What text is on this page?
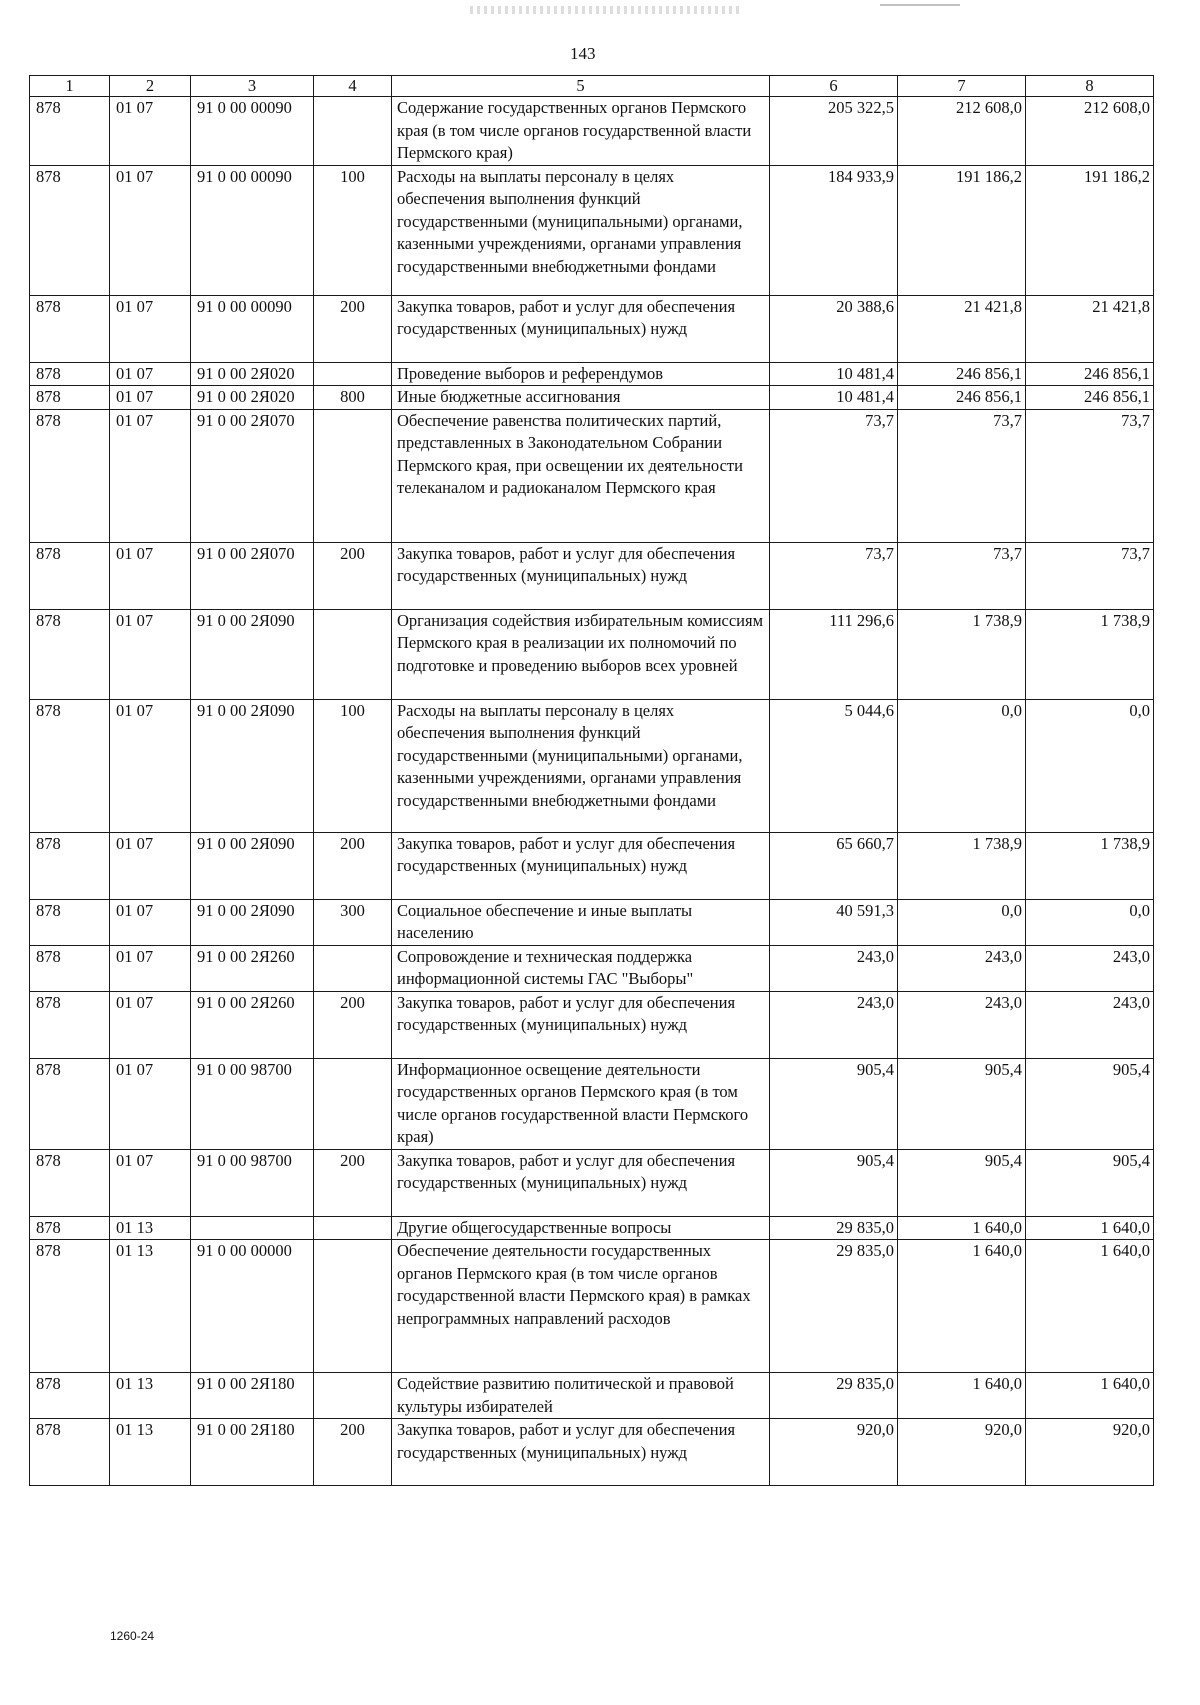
143
1	2	3	4	5	6	7	8
878	01 07	91 0 00 00090		Содержание государственных органов Пермского края (в том числе органов государственной власти Пермского края)	205 322,5	212 608,0	212 608,0
878	01 07	91 0 00 00090	100	Расходы на выплаты персоналу в целях обеспечения выполнения функций государственными (муниципальными) органами, казенными учреждениями, органами управления государственными внебюджетными фондами	184 933,9	191 186,2	191 186,2
878	01 07	91 0 00 00090	200	Закупка товаров, работ и услуг для обеспечения государственных (муниципальных) нужд	20 388,6	21 421,8	21 421,8
878	01 07	91 0 00 2Я020		Проведение выборов и референдумов	10 481,4	246 856,1	246 856,1
878	01 07	91 0 00 2Я020	800	Иные бюджетные ассигнования	10 481,4	246 856,1	246 856,1
878	01 07	91 0 00 2Я070		Обеспечение равенства политических партий, представленных в Законодательном Собрании Пермского края, при освещении их деятельности телеканалом и радиоканалом Пермского края	73,7	73,7	73,7
878	01 07	91 0 00 2Я070	200	Закупка товаров, работ и услуг для обеспечения государственных (муниципальных) нужд	73,7	73,7	73,7
878	01 07	91 0 00 2Я090		Организация содействия избирательным комиссиям Пермского края в реализации их полномочий по подготовке и проведению выборов всех уровней	111 296,6	1 738,9	1 738,9
878	01 07	91 0 00 2Я090	100	Расходы на выплаты персоналу в целях обеспечения выполнения функций государственными (муниципальными) органами, казенными учреждениями, органами управления государственными внебюджетными фондами	5 044,6	0,0	0,0
878	01 07	91 0 00 2Я090	200	Закупка товаров, работ и услуг для обеспечения государственных (муниципальных) нужд	65 660,7	1 738,9	1 738,9
878	01 07	91 0 00 2Я090	300	Социальное обеспечение и иные выплаты населению	40 591,3	0,0	0,0
878	01 07	91 0 00 2Я260		Сопровождение и техническая поддержка информационной системы ГАС "Выборы"	243,0	243,0	243,0
878	01 07	91 0 00 2Я260	200	Закупка товаров, работ и услуг для обеспечения государственных (муниципальных) нужд	243,0	243,0	243,0
878	01 07	91 0 00 98700		Информационное освещение деятельности государственных органов Пермского края (в том числе органов государственной власти Пермского края)	905,4	905,4	905,4
878	01 07	91 0 00 98700	200	Закупка товаров, работ и услуг для обеспечения государственных (муниципальных) нужд	905,4	905,4	905,4
878	01 13			Другие общегосударственные вопросы	29 835,0	1 640,0	1 640,0
878	01 13	91 0 00 00000		Обеспечение деятельности государственных органов Пермского края (в том числе органов государственной власти Пермского края) в рамках непрограммных направлений расходов	29 835,0	1 640,0	1 640,0
878	01 13	91 0 00 2Я180		Содействие развитию политической и правовой культуры избирателей	29 835,0	1 640,0	1 640,0
878	01 13	91 0 00 2Я180	200	Закупка товаров, работ и услуг для обеспечения государственных (муниципальных) нужд	920,0	920,0	920,0
1260-24
